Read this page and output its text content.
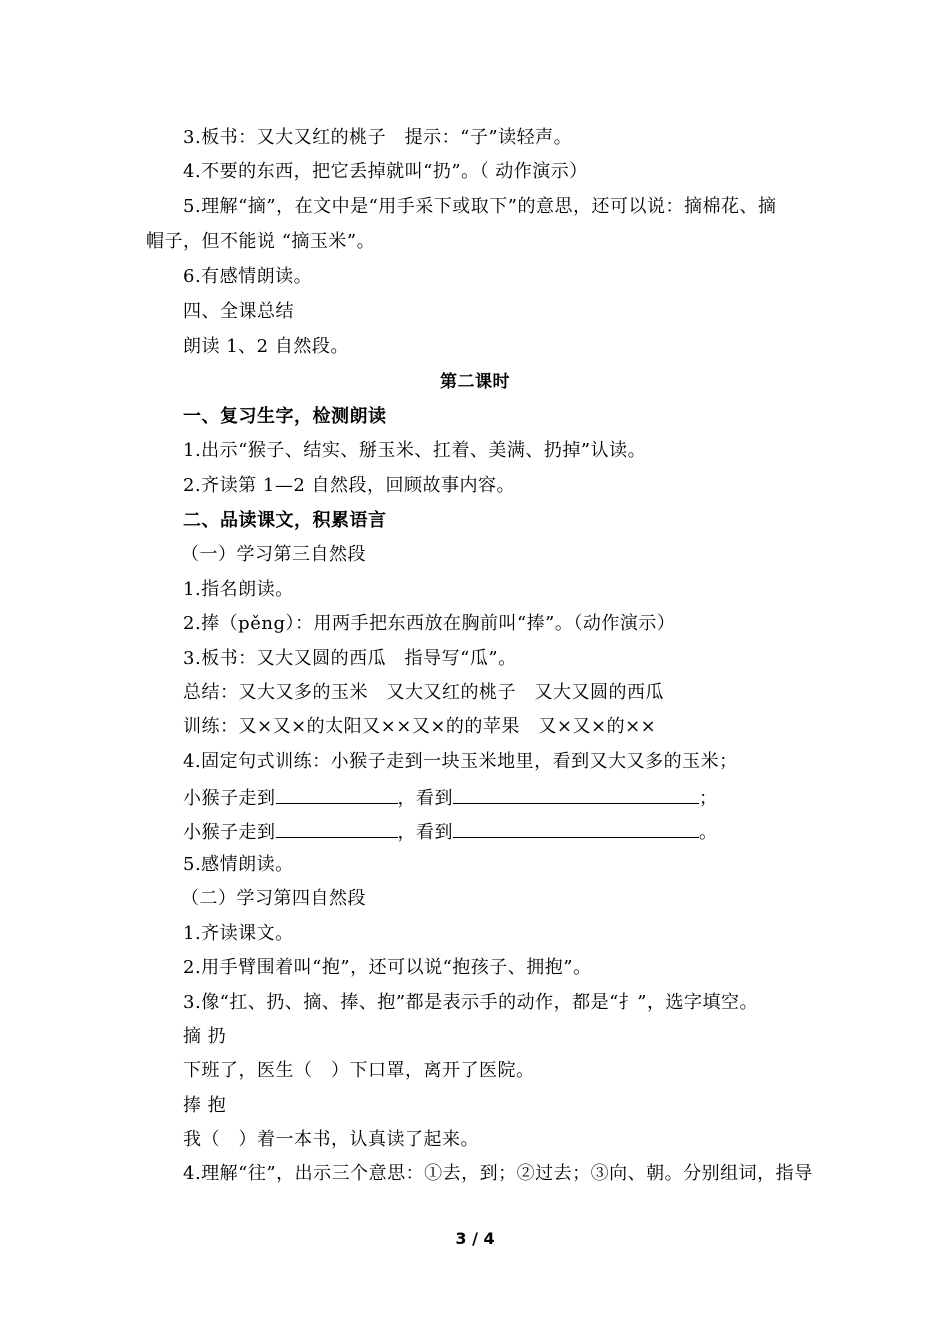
3.板书：又大又红的桃子　提示：“子”读轻声。
4.不要的东西，把它丢掉就叫“扔”。（ 动作演示）
5.理解“摘”，在文中是“用手采下或取下”的意思，还可以说：摘棉花、摘
帽子，但不能说 “摘玉米”。
6.有感情朗读。
四、全课总结
朗读 1、2 自然段。
第二课时
一、复习生字，检测朗读
1.出示“猴子、结实、掰玉米、扛着、美满、扔掉”认读。
2.齐读第 1—2 自然段，回顾故事内容。
二、品读课文，积累语言
（一）学习第三自然段
1.指名朗读。
2.捧（pěng）：用两手把东西放在胸前叫“捧”。（动作演示）
3.板书：又大又圆的西瓜　指导写“瓜”。
总结：又大又多的玉米　又大又红的桃子　又大又圆的西瓜
训练：又×又×的太阳又××又×的的苹果　又×又×的××
4.固定句式训练：小猴子走到一块玉米地里，看到又大又多的玉米；
小猴子走到	，看到	；
小猴子走到	，看到	。
5.感情朗读。
（二）学习第四自然段
1.齐读课文。
2.用手臂围着叫“抱”，还可以说“抱孩子、拥抱”。
3.像“扛、扔、摘、捧、抱”都是表示手的动作，都是“扌”，选字填空。
摘 扔
下班了，医生（　）下口罩，离开了医院。
捧 抱
我（　）着一本书，认真读了起来。
4.理解“往”，出示三个意思：①去，到；②过去；③向、朝。分别组词，指导
3 / 4
